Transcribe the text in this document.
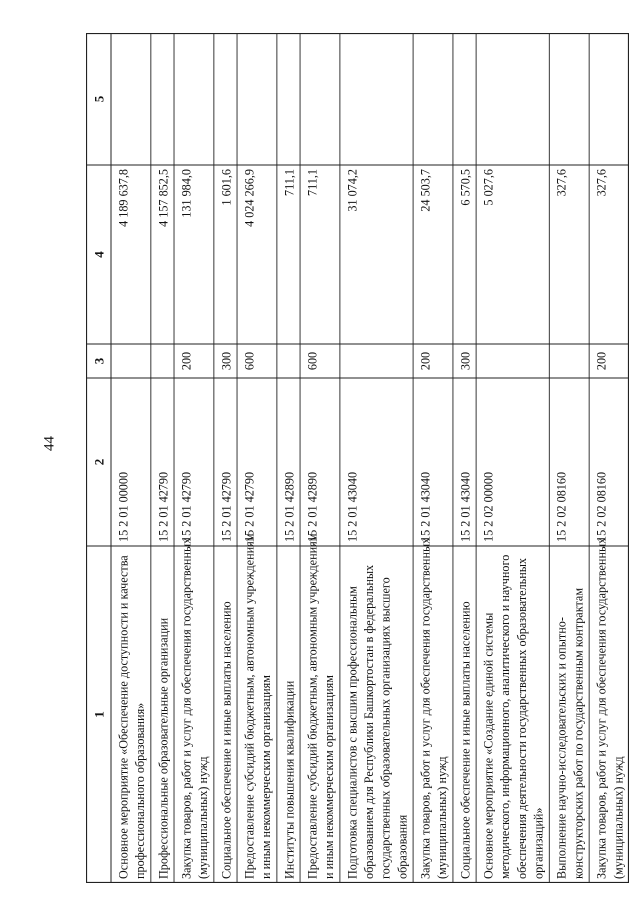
44
1
2
3
4
5
Основное мероприятие «Обеспечение доступности и качества профессионального образования»
15 2 01 00000
4 189 637,8
Профессиональные образовательные организации
15 2 01 42790
4 157 852,5
Закупка товаров, работ и услуг для обеспечения государственных (муниципальных) нужд
15 2 01 42790
200
131 984,0
Социальное обеспечение и иные выплаты населению
15 2 01 42790
300
1 601,6
Предоставление субсидий бюджетным, автономным учреждениям и иным некоммерческим организациям
15 2 01 42790
600
4 024 266,9
Институты повышения квалификации
15 2 01 42890
711,1
Предоставление субсидий бюджетным, автономным учреждениям и иным некоммерческим организациям
15 2 01 42890
600
711,1
Подготовка специалистов с высшим профессиональным образованием для Республики Башкортостан в федеральных государственных образовательных организациях высшего образования
15 2 01 43040
31 074,2
Закупка товаров, работ и услуг для обеспечения государственных (муниципальных) нужд
15 2 01 43040
200
24 503,7
Социальное обеспечение и иные выплаты населению
15 2 01 43040
300
6 570,5
Основное мероприятие «Создание единой системы методического, информационного, аналитического и научного обеспечения деятельности государственных образовательных организаций»
15 2 02 00000
5 027,6
Выполнение научно-исследовательских и опытно- конструкторских работ по государственным контрактам
15 2 02 08160
327,6
Закупка товаров, работ и услуг для обеспечения государственных (муниципальных) нужд
15 2 02 08160
200
327,6
